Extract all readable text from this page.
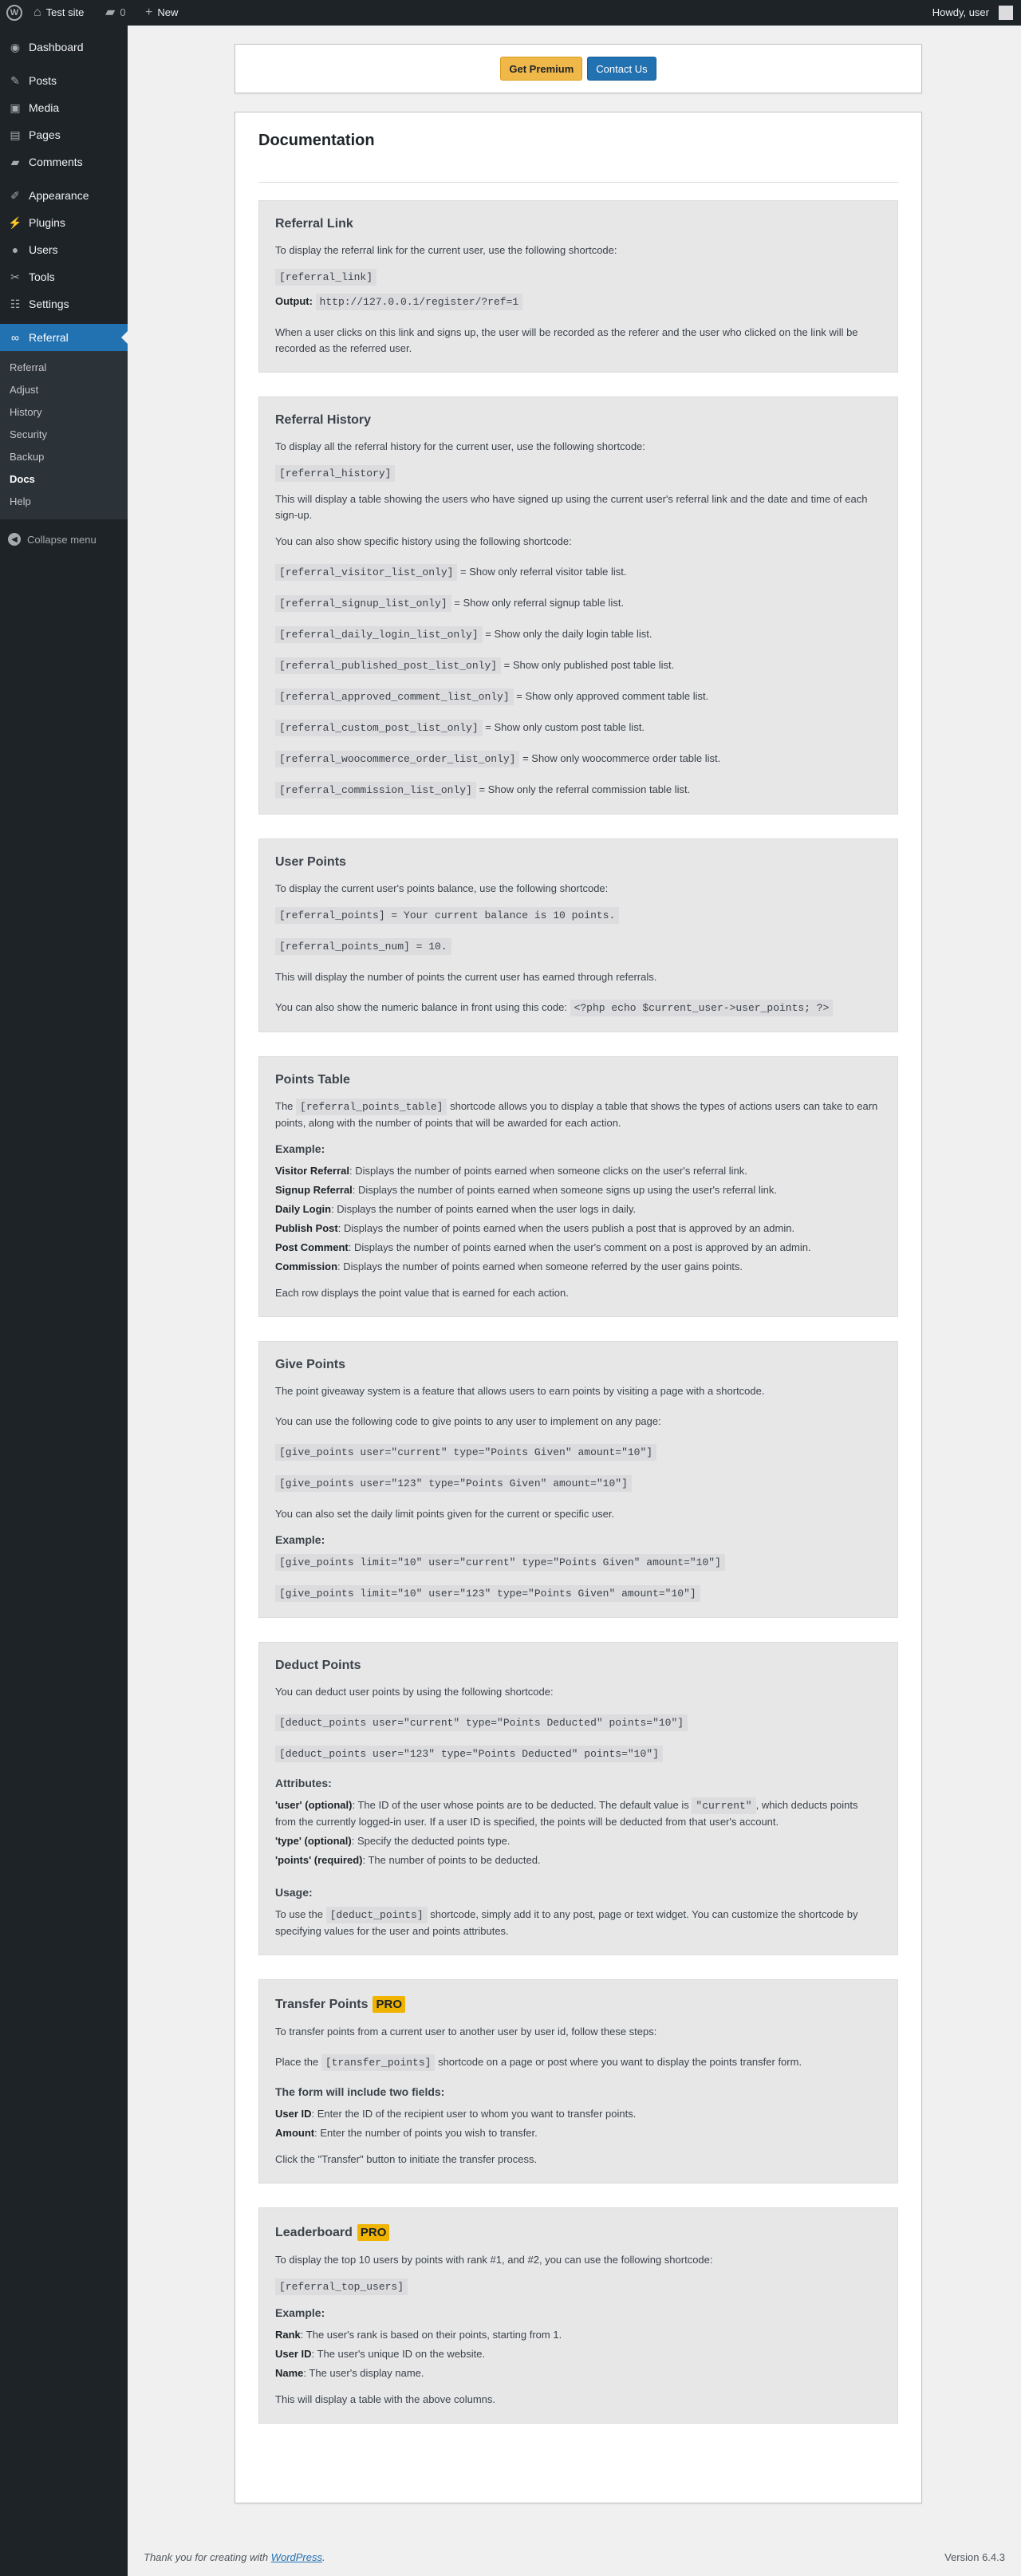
W	⌂ Test site ▰ 0 + New	Howdy, user
◉ Dashboard
✎ Posts
▣ Media
▤ Pages
▰ Comments
✐ Appearance
⚡ Plugins
● Users
✂ Tools
☷ Settings
∞ Referral
Referral
Adjust
History
Security
Backup
Docs
Help
◀ Collapse menu
Get Premium	Contact Us
Documentation
Referral Link

To display the referral link for the current user, use the following shortcode:

[referral_link]

Output: http://127.0.0.1/register/?ref=1

When a user clicks on this link and signs up, the user will be recorded as the referer and the user who clicked on the link will be recorded as the referred user.

Referral History

To display all the referral history for the current user, use the following shortcode:

[referral_history]

This will display a table showing the users who have signed up using the current user's referral link and the date and time of each sign-up.

You can also show specific history using the following shortcode:

[referral_visitor_list_only] = Show only referral visitor table list.

[referral_signup_list_only] = Show only referral signup table list.

[referral_daily_login_list_only] = Show only the daily login table list.

[referral_published_post_list_only] = Show only published post table list.

[referral_approved_comment_list_only] = Show only approved comment table list.

[referral_custom_post_list_only] = Show only custom post table list.

[referral_woocommerce_order_list_only] = Show only woocommerce order table list.

[referral_commission_list_only] = Show only the referral commission table list.

User Points

To display the current user's points balance, use the following shortcode:

[referral_points] = Your current balance is 10 points.

[referral_points_num] = 10.

This will display the number of points the current user has earned through referrals.

You can also show the numeric balance in front using this code: <?php echo $current_user->user_points; ?>

Points Table

The [referral_points_table] shortcode allows you to display a table that shows the types of actions users can take to earn points, along with the number of points that will be awarded for each action.

Example:

Visitor Referral: Displays the number of points earned when someone clicks on the user's referral link.

Signup Referral: Displays the number of points earned when someone signs up using the user's referral link.

Daily Login: Displays the number of points earned when the user logs in daily.

Publish Post: Displays the number of points earned when the users publish a post that is approved by an admin.

Post Comment: Displays the number of points earned when the user's comment on a post is approved by an admin.

Commission: Displays the number of points earned when someone referred by the user gains points.

Each row displays the point value that is earned for each action.

Give Points

The point giveaway system is a feature that allows users to earn points by visiting a page with a shortcode.

You can use the following code to give points to any user to implement on any page:

[give_points user="current" type="Points Given" amount="10"]

[give_points user="123" type="Points Given" amount="10"]

You can also set the daily limit points given for the current or specific user.

Example:

[give_points limit="10" user="current" type="Points Given" amount="10"]

[give_points limit="10" user="123" type="Points Given" amount="10"]

Deduct Points

You can deduct user points by using the following shortcode:

[deduct_points user="current" type="Points Deducted" points="10"]

[deduct_points user="123" type="Points Deducted" points="10"]

Attributes:

'user' (optional): The ID of the user whose points are to be deducted. The default value is "current" , which deducts points from the currently logged-in user. If a user ID is specified, the points will be deducted from that user's account.

'type' (optional): Specify the deducted points type.

'points' (required): The number of points to be deducted.

Usage:

To use the [deduct_points] shortcode, simply add it to any post, page or text widget. You can customize the shortcode by specifying values for the user and points attributes.

Transfer Points PRO

To transfer points from a current user to another user by user id, follow these steps:

Place the [transfer_points] shortcode on a page or post where you want to display the points transfer form.

The form will include two fields:

User ID: Enter the ID of the recipient user to whom you want to transfer points.

Amount: Enter the number of points you wish to transfer.

Click the "Transfer" button to initiate the transfer process.

Leaderboard PRO

To display the top 10 users by points with rank #1, and #2, you can use the following shortcode:

[referral_top_users]

Example:

Rank: The user's rank is based on their points, starting from 1.

User ID: The user's unique ID on the website.

Name: The user's display name.

This will display a table with the above columns.

Thank you for creating with WordPress.	Version 6.4.3
